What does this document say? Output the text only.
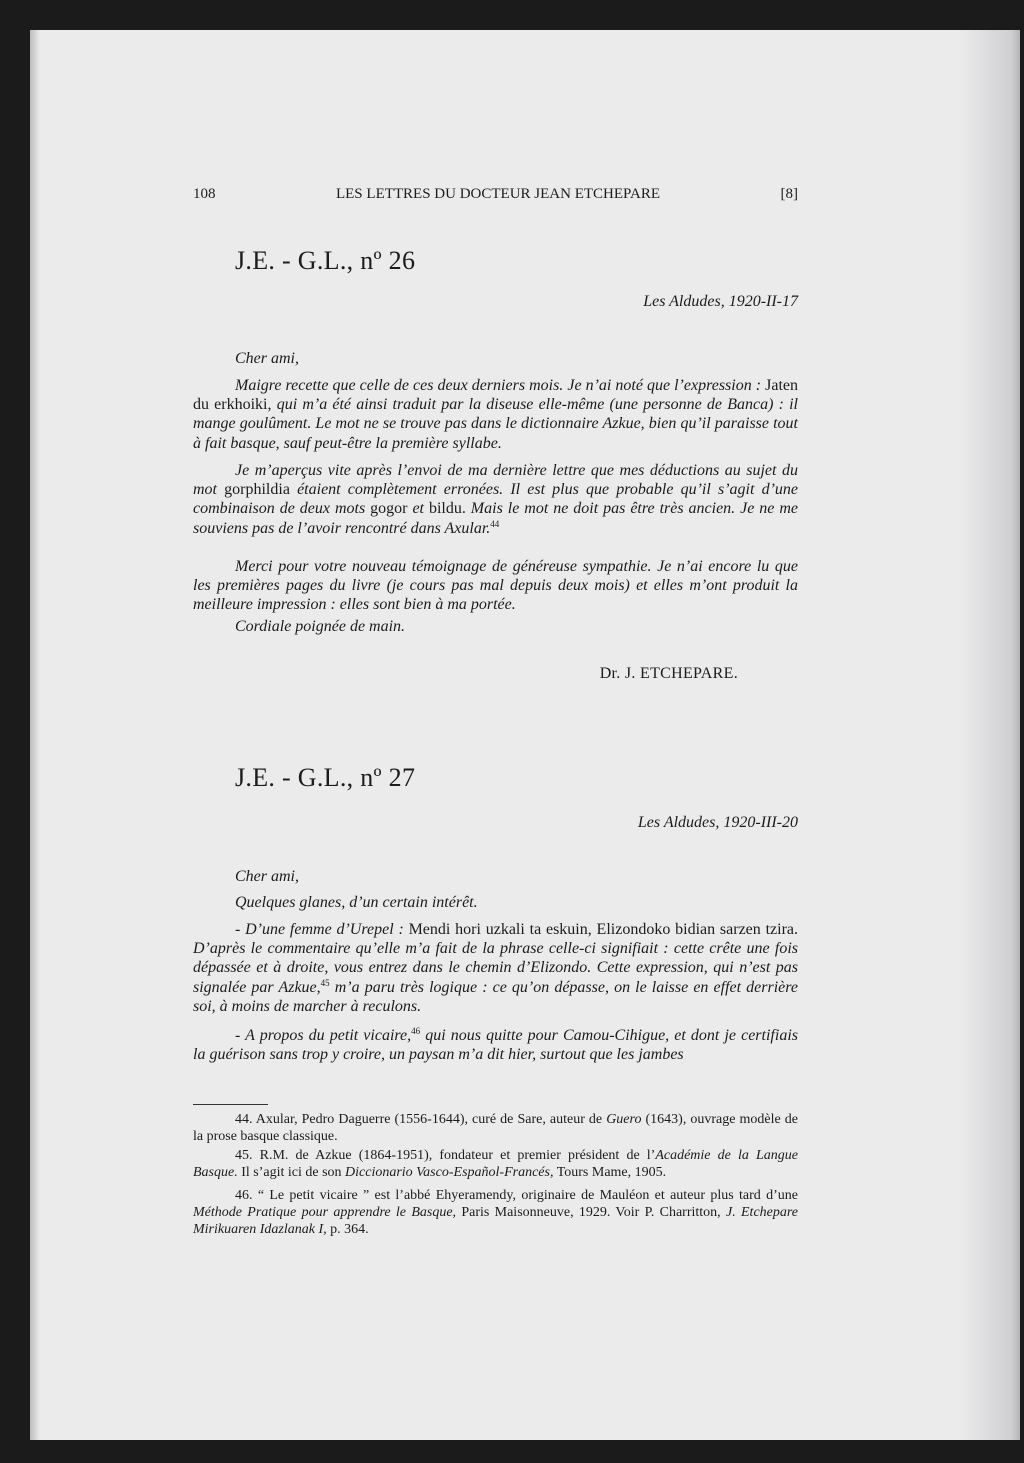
108	LES LETTRES DU DOCTEUR JEAN ETCHEPARE	[8]
J.E. - G.L., nº 26
Les Aldudes, 1920-II-17
Cher ami,

Maigre recette que celle de ces deux derniers mois. Je n’ai noté que l’expression : Jaten du erkhoiki, qui m’a été ainsi traduit par la diseuse elle-même (une personne de Banca) : il mange goulûment. Le mot ne se trouve pas dans le dictionnaire Azkue, bien qu’il paraisse tout à fait basque, sauf peut-être la première syllabe.

Je m’aperçus vite après l’envoi de ma dernière lettre que mes déductions au sujet du mot gorphildia étaient complètement erronées. Il est plus que probable qu’il s’agit d’une combinaison de deux mots gogor et bildu. Mais le mot ne doit pas être très ancien. Je ne me souviens pas de l’avoir rencontré dans Axular.$^{44}$

Merci pour votre nouveau témoignage de généreuse sympathie. Je n’ai encore lu que les premières pages du livre (je cours pas mal depuis deux mois) et elles m’ont produit la meilleure impression : elles sont bien à ma portée.

Cordiale poignée de main.

Dr. J. ETCHEPARE.
J.E. - G.L., nº 27
Les Aldudes, 1920-III-20
Cher ami,

Quelques glanes, d’un certain intérêt.

- D’une femme d’Urepel : Mendi hori uzkali ta eskuin, Elizondoko bidian sarzen tzira. D’après le commentaire qu’elle m’a fait de la phrase celle-ci signifiait : cette crête une fois dépassée et à droite, vous entrez dans le chemin d’Elizondo. Cette expression, qui n’est pas signalée par Azkue,$^{45}$ m’a paru très logique : ce qu’on dépasse, on le laisse en effet derrière soi, à moins de marcher à reculons.

- A propos du petit vicaire,$^{46}$ qui nous quitte pour Camou-Cihigue, et dont je certifiais la guérison sans trop y croire, un paysan m’a dit hier, surtout que les jambes

44. Axular, Pedro Daguerre (1556-1644), curé de Sare, auteur de Guero (1643), ouvrage modèle de la prose basque classique.

45. R.M. de Azkue (1864-1951), fondateur et premier président de l’Académie de la Langue Basque. Il s’agit ici de son Diccionario Vasco-Español-Francés, Tours Mame, 1905.

46. “ Le petit vicaire ” est l’abbé Ehyeramendy, originaire de Mauléon et auteur plus tard d’une Méthode Pratique pour apprendre le Basque, Paris Maisonneuve, 1929. Voir P. Charritton, J. Etchepare Mirikuaren Idazlanak I, p. 364.
